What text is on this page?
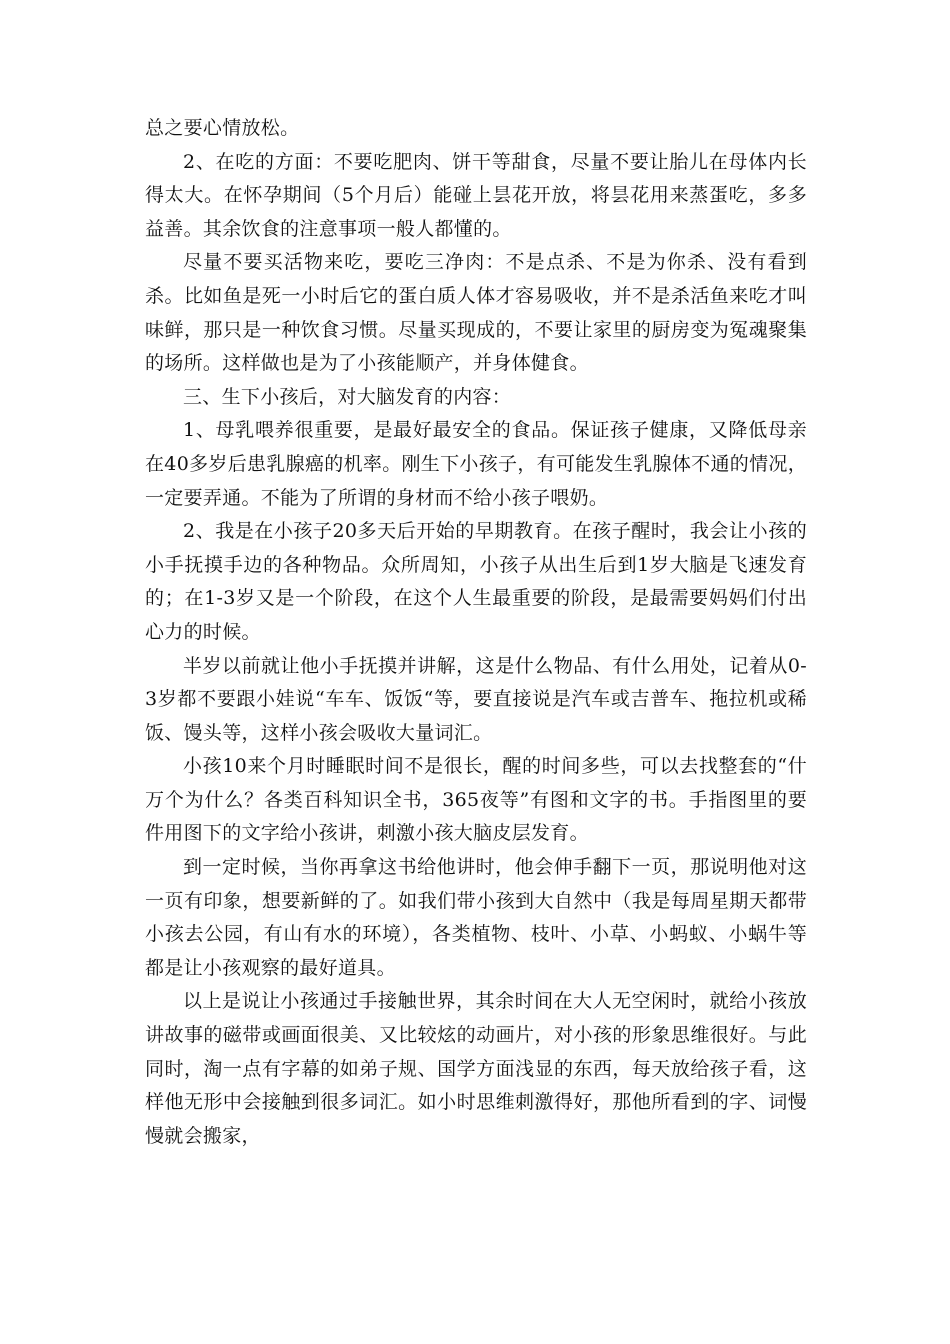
总之要心情放松。

2、在吃的方面：不要吃肥肉、饼干等甜食，尽量不要让胎儿在母体内长得太大。在怀孕期间（5个月后）能碰上昙花开放，将昙花用来蒸蛋吃，多多益善。其余饮食的注意事项一般人都懂的。

尽量不要买活物来吃，要吃三净肉：不是点杀、不是为你杀、没有看到杀。比如鱼是死一小时后它的蛋白质人体才容易吸收，并不是杀活鱼来吃才叫味鲜，那只是一种饮食习惯。尽量买现成的，不要让家里的厨房变为冤魂聚集的场所。这样做也是为了小孩能顺产，并身体健食。

三、生下小孩后，对大脑发育的内容：

1、母乳喂养很重要，是最好最安全的食品。保证孩子健康，又降低母亲在40多岁后患乳腺癌的机率。刚生下小孩子，有可能发生乳腺体不通的情况，一定要弄通。不能为了所谓的身材而不给小孩子喂奶。

2、我是在小孩子20多天后开始的早期教育。在孩子醒时，我会让小孩的小手抚摸手边的各种物品。众所周知，小孩子从出生后到1岁大脑是飞速发育的；在1-3岁又是一个阶段，在这个人生最重要的阶段，是最需要妈妈们付出心力的时候。

半岁以前就让他小手抚摸并讲解，这是什么物品、有什么用处，记着从0-3岁都不要跟小娃说“车车、饭饭“等，要直接说是汽车或吉普车、拖拉机或稀饭、馒头等，这样小孩会吸收大量词汇。

小孩10来个月时睡眠时间不是很长，醒的时间多些，可以去找整套的“什万个为什么？各类百科知识全书，365夜等”有图和文字的书。手指图里的要件用图下的文字给小孩讲，刺激小孩大脑皮层发育。

到一定时候，当你再拿这书给他讲时，他会伸手翻下一页，那说明他对这一页有印象，想要新鲜的了。如我们带小孩到大自然中（我是每周星期天都带小孩去公园，有山有水的环境），各类植物、枝叶、小草、小蚂蚁、小蜗牛等都是让小孩观察的最好道具。

以上是说让小孩通过手接触世界，其余时间在大人无空闲时，就给小孩放讲故事的磁带或画面很美、又比较炫的动画片，对小孩的形象思维很好。与此同时，淘一点有字幕的如弟子规、国学方面浅显的东西，每天放给孩子看，这样他无形中会接触到很多词汇。如小时思维刺激得好，那他所看到的字、词慢慢就会搬家，
